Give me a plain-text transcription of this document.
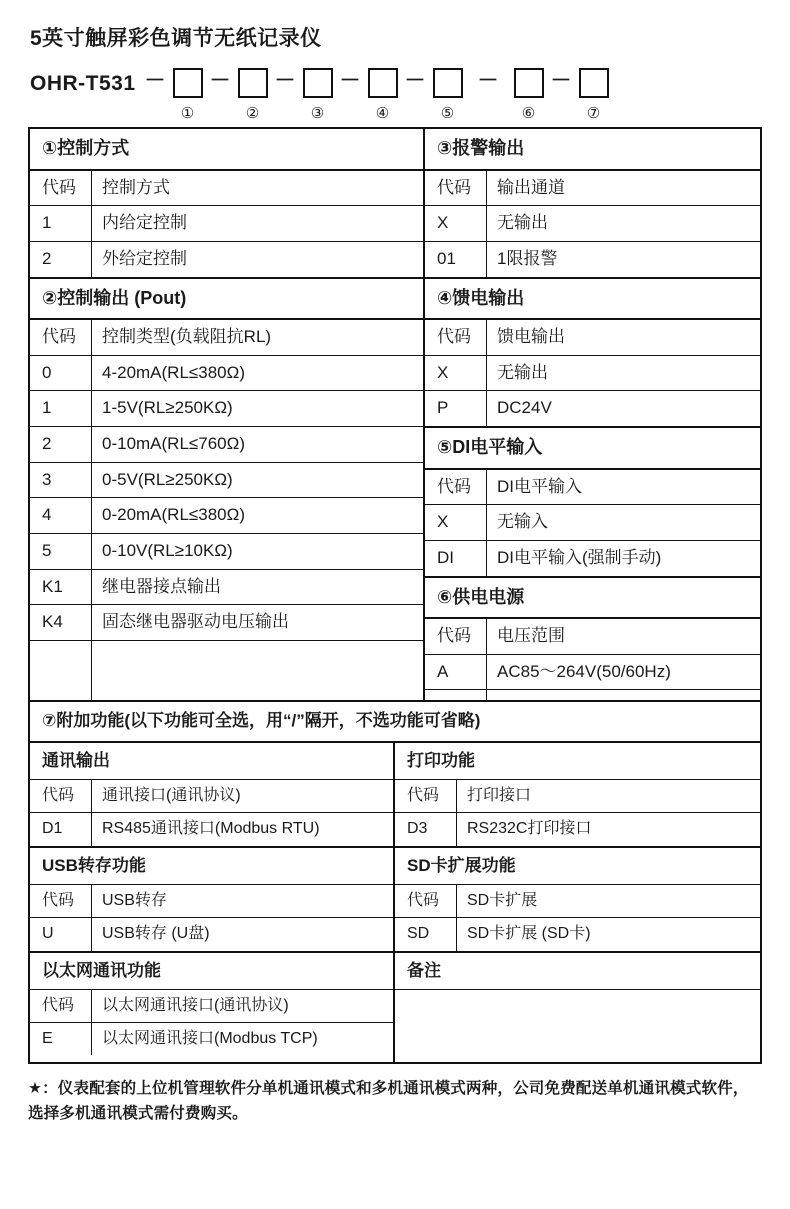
5英寸触屏彩色调节无纸记录仪
OHR-T531 －
①
－
②
－
③
－
④
－
⑤
－
⑥
－
⑦
①控制方式
代码	控制方式
1	内给定控制
2	外给定控制
②控制输出 (Pout)
代码	控制类型(负载阻抗RL)
0	4-20mA(RL≤380Ω)
1	1-5V(RL≥250KΩ)
2	0-10mA(RL≤760Ω)
3	0-5V(RL≥250KΩ)
4	0-20mA(RL≤380Ω)
5	0-10V(RL≥10KΩ)
K1	继电器接点输出
K4	固态继电器驱动电压输出
③报警输出
代码	输出通道
X	无输出
01	1限报警
④馈电输出
代码	馈电输出
X	无输出
P	DC24V
⑤DI电平输入
代码	DI电平输入
X	无输入
DI	DI电平输入(强制手动)
⑥供电电源
代码	电压范围
A	AC85～264V(50/60Hz)
⑦附加功能(以下功能可全选，用“/”隔开，不选功能可省略)
通讯输出
代码	通讯接口(通讯协议)
D1	RS485通讯接口(Modbus RTU)
打印功能
代码	打印接口
D3	RS232C打印接口
USB转存功能
代码	USB转存
U	USB转存 (U盘)
SD卡扩展功能
代码	SD卡扩展
SD	SD卡扩展 (SD卡)
以太网通讯功能
代码	以太网通讯接口(通讯协议)
E	以太网通讯接口(Modbus TCP)
备注
★：仪表配套的上位机管理软件分单机通讯模式和多机通讯模式两种，公司免费配送单机通讯模式软件，选择多机通讯模式需付费购买。
